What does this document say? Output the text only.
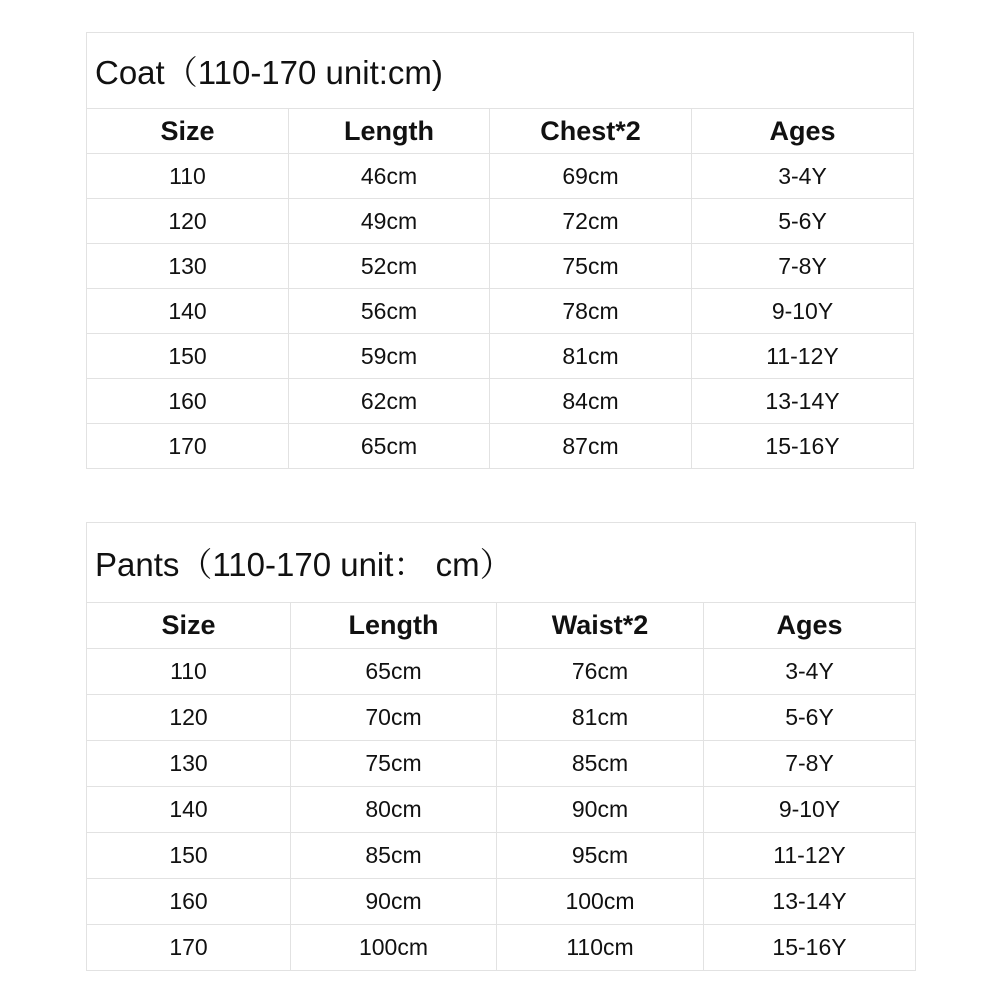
Coat（110-170 unit:cm)			
Size	Length	Chest*2	Ages
110	46cm	69cm	3-4Y
120	49cm	72cm	5-6Y
130	52cm	75cm	7-8Y
140	56cm	78cm	9-10Y
150	59cm	81cm	11-12Y
160	62cm	84cm	13-14Y
170	65cm	87cm	15-16Y
Pants（110-170 unit： cm）			
Size	Length	Waist*2	Ages
110	65cm	76cm	3-4Y
120	70cm	81cm	5-6Y
130	75cm	85cm	7-8Y
140	80cm	90cm	9-10Y
150	85cm	95cm	11-12Y
160	90cm	100cm	13-14Y
170	100cm	110cm	15-16Y
